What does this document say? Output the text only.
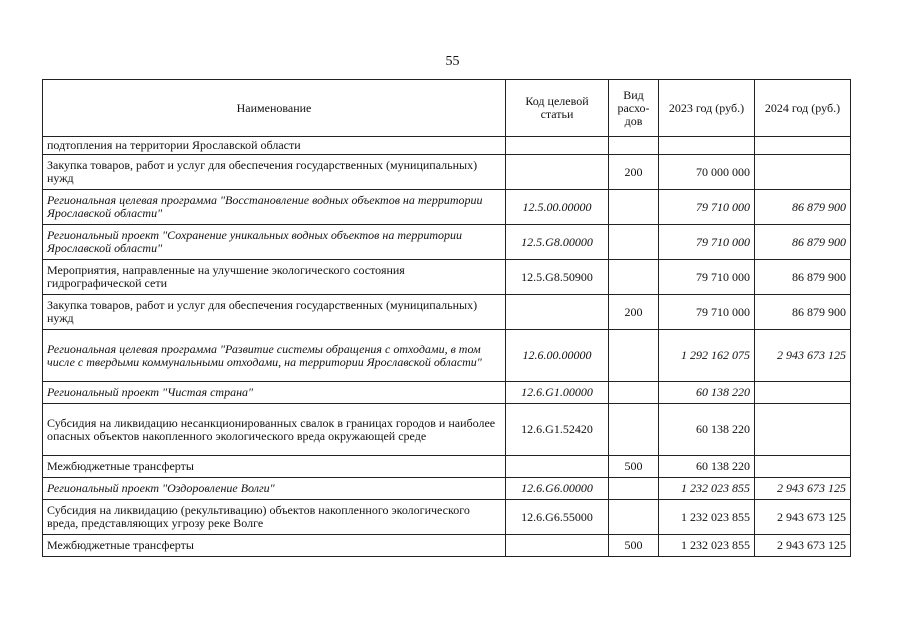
55
Наименование	Код целевой статьи	Вид расхо-дов	2023 год (руб.)	2024 год (руб.)
подтопления на территории Ярославской области				
Закупка товаров, работ и услуг для обеспечения государственных (муниципальных) нужд		200	70 000 000	
Региональная целевая программа "Восстановление водных объектов на территории Ярославской области"	12.5.00.00000		79 710 000	86 879 900
Региональный проект "Сохранение уникальных водных объектов на территории Ярославской области"	12.5.G8.00000		79 710 000	86 879 900
Мероприятия, направленные на улучшение экологического состояния гидрографической сети	12.5.G8.50900		79 710 000	86 879 900
Закупка товаров, работ и услуг для обеспечения государственных (муниципальных) нужд		200	79 710 000	86 879 900
Региональная целевая программа "Развитие системы обращения с отходами, в том числе с твердыми коммунальными отходами, на территории Ярославской области"	12.6.00.00000		1 292 162 075	2 943 673 125
Региональный проект "Чистая страна"	12.6.G1.00000		60 138 220	
Субсидия на ликвидацию несанкционированных свалок в границах городов и наиболее опасных объектов накопленного экологического вреда окружающей среде	12.6.G1.52420		60 138 220	
Межбюджетные трансферты		500	60 138 220	
Региональный проект "Оздоровление Волги"	12.6.G6.00000		1 232 023 855	2 943 673 125
Субсидия на ликвидацию (рекультивацию) объектов накопленного экологического вреда, представляющих угрозу реке Волге	12.6.G6.55000		1 232 023 855	2 943 673 125
Межбюджетные трансферты		500	1 232 023 855	2 943 673 125
